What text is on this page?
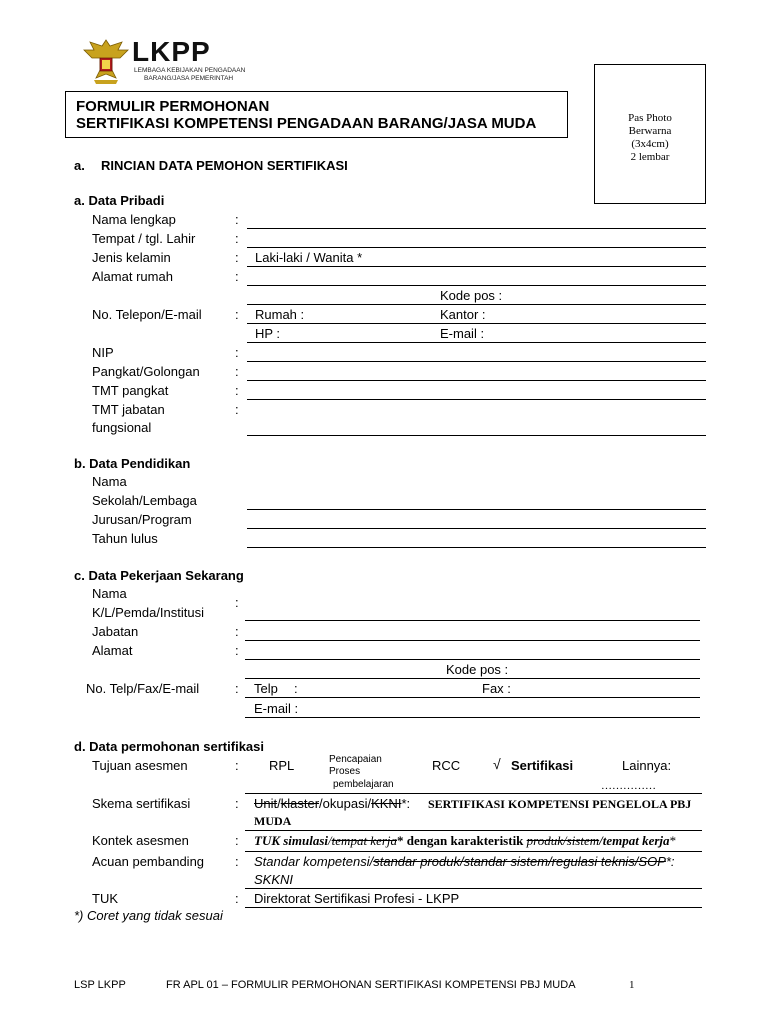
LKPP
LEMBAGA KEBIJAKAN PENGADAAN
BARANG/JASA PEMERINTAH
FORMULIR PERMOHONAN
SERTIFIKASI KOMPETENSI PENGADAAN BARANG/JASA MUDA	Pas Photo
Berwarna
(3x4cm)
2 lembar
a. RINCIAN DATA PEMOHON SERTIFIKASI
a. Data Pribadi
Nama lengkap	:
Tempat / tgl. Lahir	:
Jenis kelamin	: Laki-laki / Wanita *
Alamat rumah	:
Kode pos :
No. Telepon/E-mail	: Rumah :	Kantor :
HP :	E-mail :
NIP	:
Pangkat/Golongan	:
TMT pangkat	:
TMT jabatan	:
fungsional
b. Data Pendidikan
Nama
Sekolah/Lembaga
Jurusan/Program
Tahun lulus
c. Data Pekerjaan Sekarang
Nama
K/L/Pemda/Institusi
:
Jabatan	:
Alamat	:
Kode pos :
No. Telp/Fax/E-mail	: Telp :	Fax :
E-mail :
d. Data permohonan sertifikasi
Tujuan asesmen	: RPL	Pencapaian
Proses
pembelajaran
RCC √ Sertifikasi	Lainnya:
……………
Skema sertifikasi	: Unit/klaster/okupasi/KKNI*: SERTIFIKASI KOMPETENSI PENGELOLA PBJ
MUDA
Kontek asesmen	: TUK simulasi/tempat kerja* dengan karakteristik produk/sistem/tempat kerja*
Acuan pembanding : Standar kompetensi/standar produk/standar sistem/regulasi teknis/SOP*:
SKKNI
TUK	: Direktorat Sertifikasi Profesi - LKPP
*) Coret yang tidak sesuai
LSP LKPP	FR APL 01 – FORMULIR PERMOHONAN SERTIFIKASI KOMPETENSI PBJ MUDA	1
